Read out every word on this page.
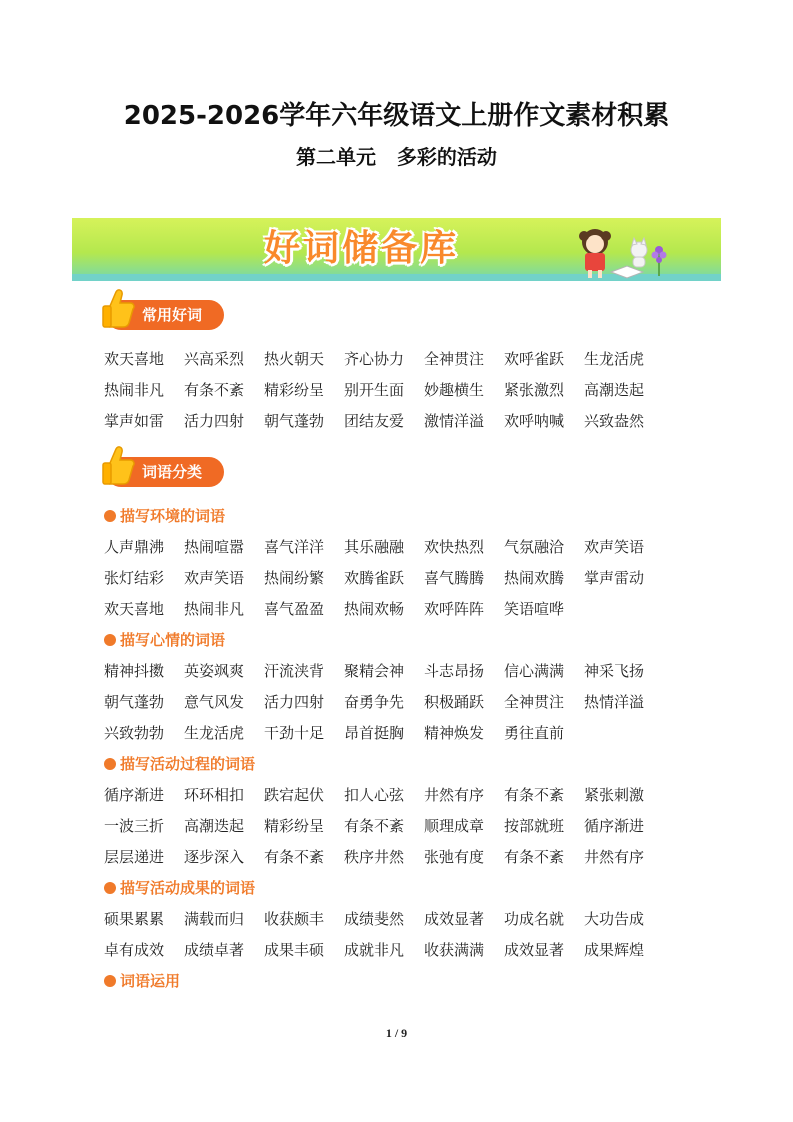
2025-2026学年六年级语文上册作文素材积累
第二单元   多彩的活动
好词储备库
常用好词
词语分类
1 / 9
欢天喜地	兴高采烈	热火朝天	齐心协力	全神贯注	欢呼雀跃	生龙活虎
热闹非凡	有条不紊	精彩纷呈	别开生面	妙趣横生	紧张激烈	高潮迭起
掌声如雷	活力四射	朝气蓬勃	团结友爱	激情洋溢	欢呼呐喊	兴致盎然
描写环境的词语
人声鼎沸	热闹喧嚣	喜气洋洋	其乐融融	欢快热烈	气氛融洽	欢声笑语
张灯结彩	欢声笑语	热闹纷繁	欢腾雀跃	喜气腾腾	热闹欢腾	掌声雷动
欢天喜地	热闹非凡	喜气盈盈	热闹欢畅	欢呼阵阵	笑语喧哗
描写心情的词语
精神抖擞	英姿飒爽	汗流浃背	聚精会神	斗志昂扬	信心满满	神采飞扬
朝气蓬勃	意气风发	活力四射	奋勇争先	积极踊跃	全神贯注	热情洋溢
兴致勃勃	生龙活虎	干劲十足	昂首挺胸	精神焕发	勇往直前
描写活动过程的词语
循序渐进	环环相扣	跌宕起伏	扣人心弦	井然有序	有条不紊	紧张刺激
一波三折	高潮迭起	精彩纷呈	有条不紊	顺理成章	按部就班	循序渐进
层层递进	逐步深入	有条不紊	秩序井然	张弛有度	有条不紊	井然有序
描写活动成果的词语
硕果累累	满载而归	收获颇丰	成绩斐然	成效显著	功成名就	大功告成
卓有成效	成绩卓著	成果丰硕	成就非凡	收获满满	成效显著	成果辉煌
词语运用
